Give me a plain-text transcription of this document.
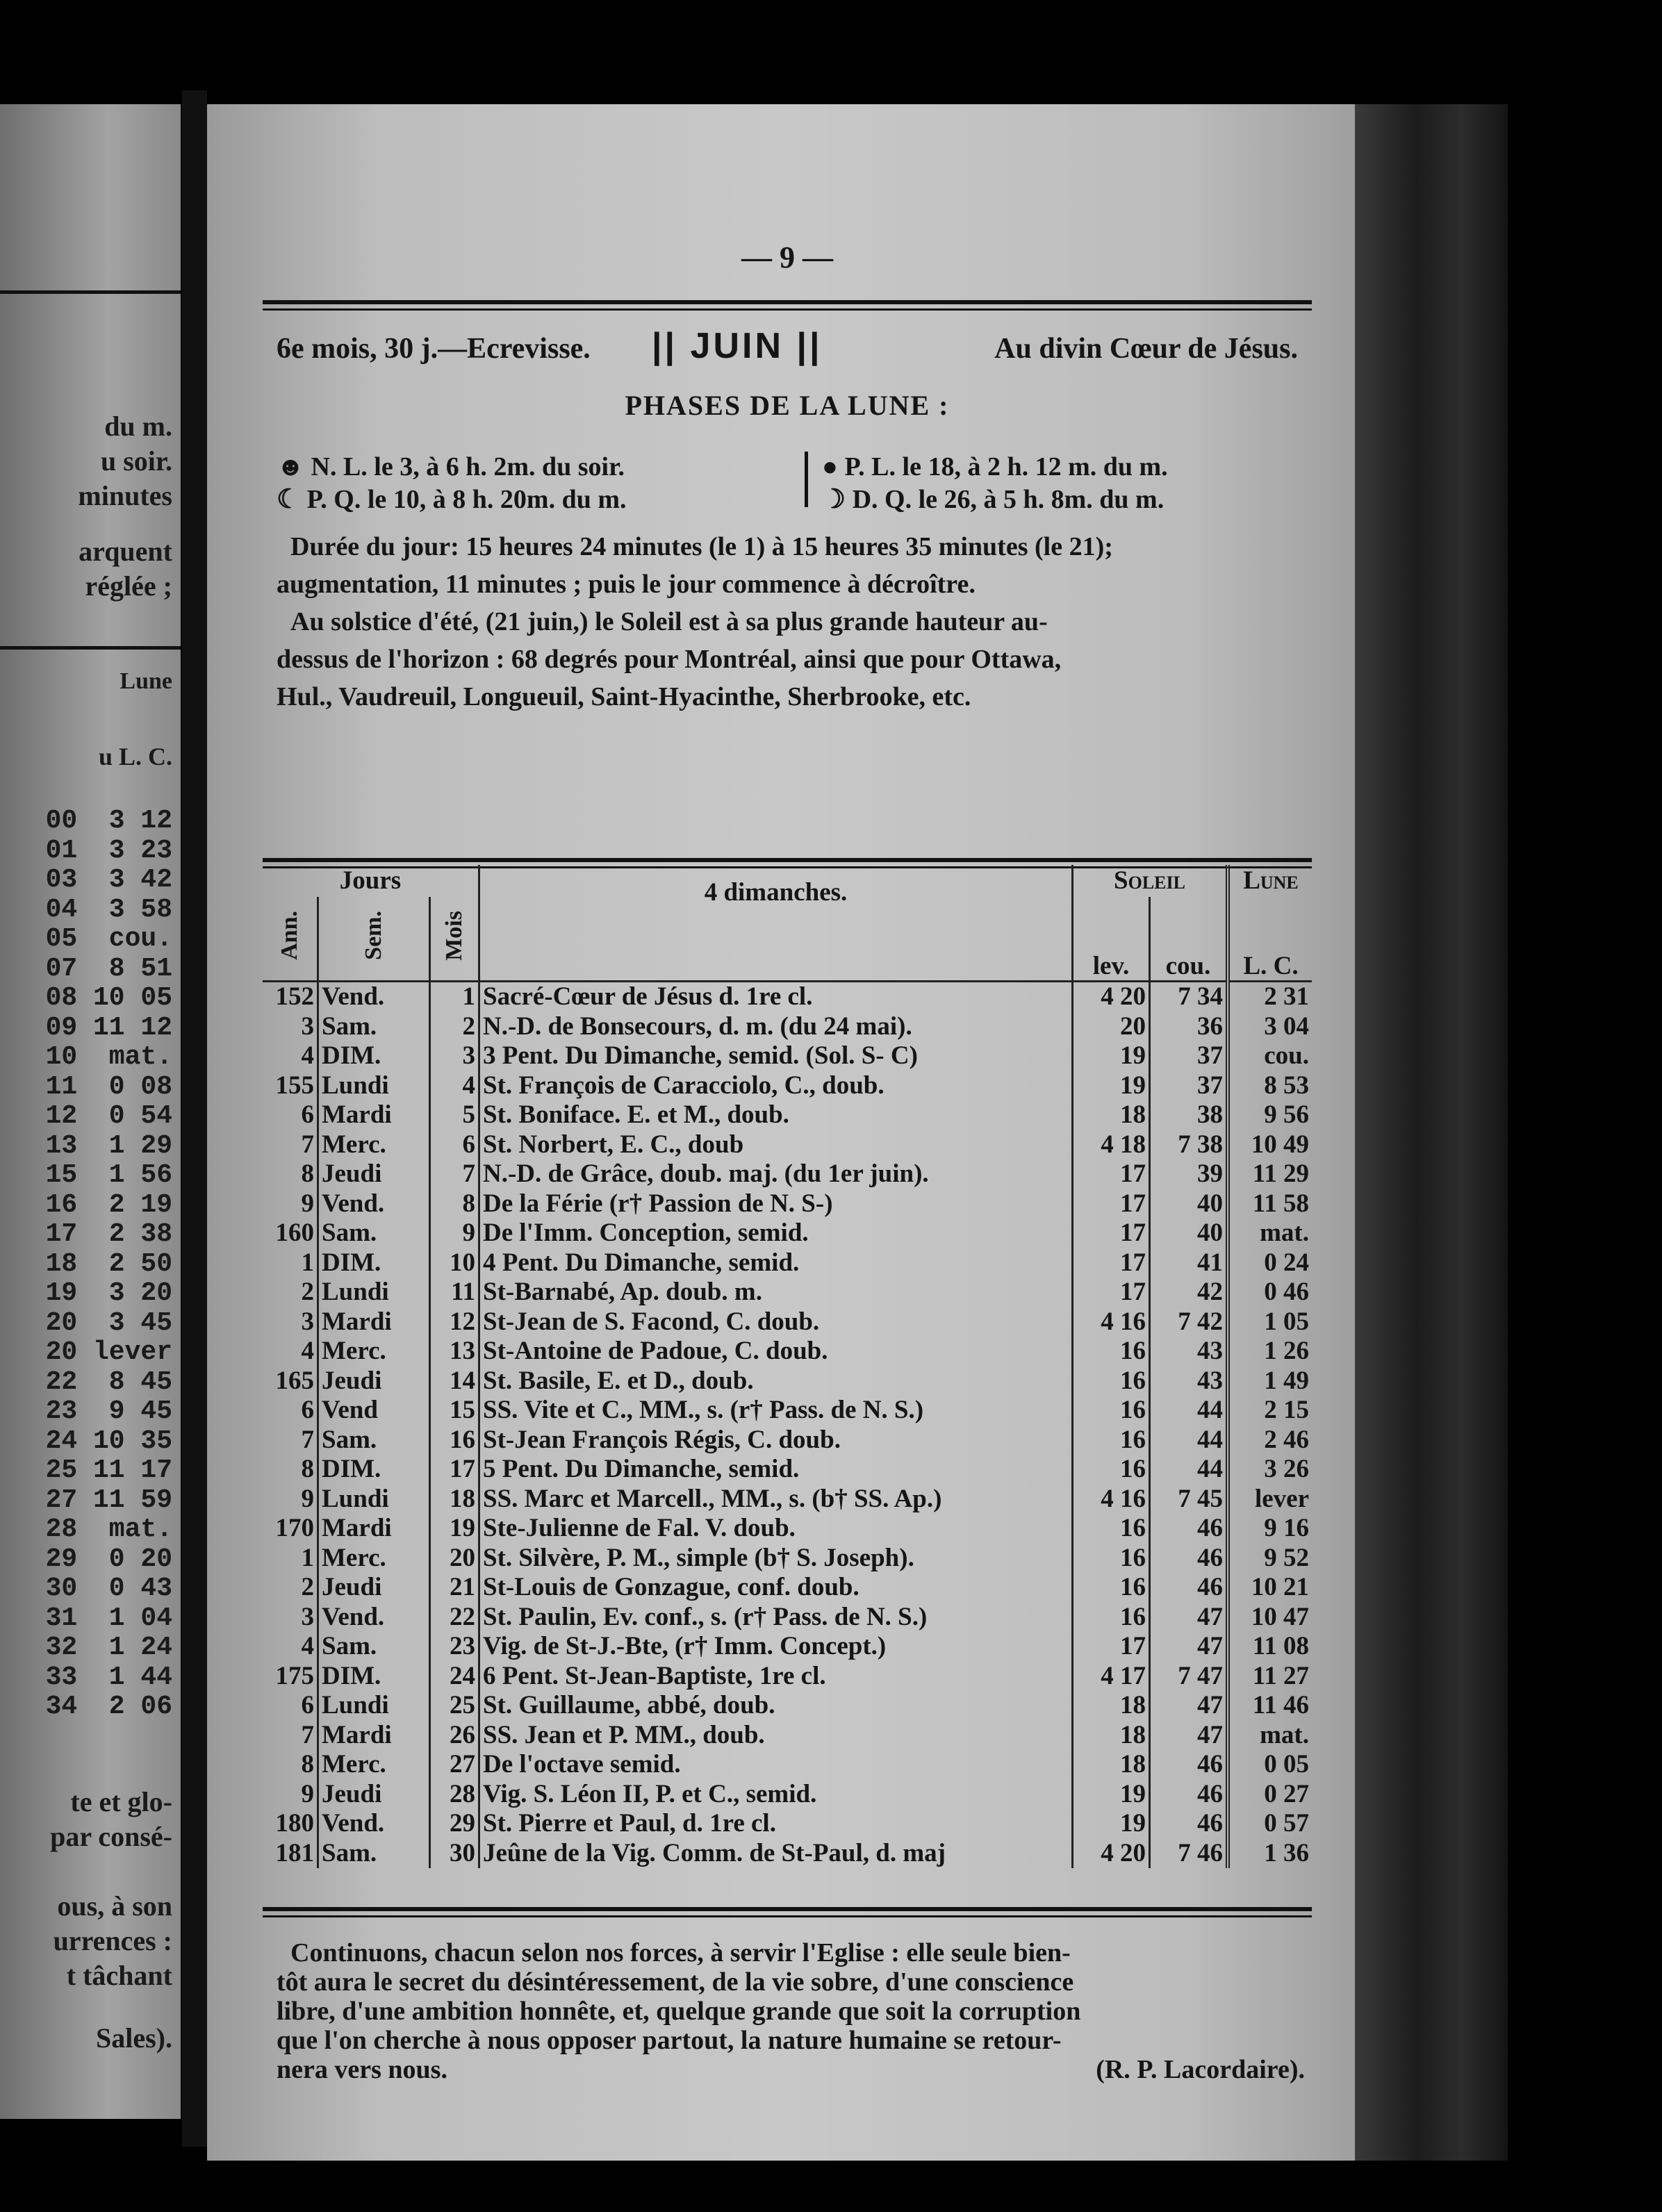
du m.
u soir.
minutes
arquent
réglée ;
Lune
u L. C.
00  3 12
01  3 23
03  3 42
04  3 58
05  cou.
07  8 51
08 10 05
09 11 12
10  mat.
11  0 08
12  0 54
13  1 29
15  1 56
16  2 19
17  2 38
18  2 50
19  3 20
20  3 45
20 lever
22  8 45
23  9 45
24 10 35
25 11 17
27 11 59
28  mat.
29  0 20
30  0 43
31  1 04
32  1 24
33  1 44
34  2 06
te et glo-
par consé-
ous, à son
urrences :
t tâchant
Sales).
— 9 —
6e mois, 30 j.—Ecrevisse. || JUIN ||	Au divin Cœur de Jésus.
PHASES DE LA LUNE :
☻ N. L. le 3, à 6 h. 2m. du soir.
☾ P. Q. le 10, à 8 h. 20m. du m.
● P. L. le 18, à 2 h. 12 m. du m.
☽ D. Q. le 26, à 5 h. 8m. du m.

Durée du jour: 15 heures 24 minutes (le 1) à 15 heures 35 minutes (le 21);

augmentation, 11 minutes ; puis le jour commence à décroître.

Au solstice d'été, (21 juin,) le Soleil est à sa plus grande hauteur au-

dessus de l'horizon : 68 degrés pour Montréal, ainsi que pour Ottawa,

Hul., Vaudreuil, Longueuil, Saint-Hyacinthe, Sherbrooke, etc.

Jours			4 dimanches.	Soleil		Lune
Ann.	Sem.	Mois		lev.	cou.	L. C.
152	Vend.	1	Sacré-Cœur de Jésus d. 1re cl.	4 20	7 34	2 31
3	Sam.	2	N.-D. de Bonsecours, d. m. (du 24 mai).	20	36	3 04
4	DIM.	3	3 Pent. Du Dimanche, semid. (Sol. S- C)	19	37	cou.
155	Lundi	4	St. François de Caracciolo, C., doub.	19	37	8 53
6	Mardi	5	St. Boniface. E. et M., doub.	18	38	9 56
7	Merc.	6	St. Norbert, E. C., doub	4 18	7 38	10 49
8	Jeudi	7	N.-D. de Grâce, doub. maj. (du 1er juin).	17	39	11 29
9	Vend.	8	De la Férie (r† Passion de N. S-)	17	40	11 58
160	Sam.	9	De l'Imm. Conception, semid.	17	40	mat.
1	DIM.	10	4 Pent. Du Dimanche, semid.	17	41	0 24
2	Lundi	11	St-Barnabé, Ap. doub. m.	17	42	0 46
3	Mardi	12	St-Jean de S. Facond, C. doub.	4 16	7 42	1 05
4	Merc.	13	St-Antoine de Padoue, C. doub.	16	43	1 26
165	Jeudi	14	St. Basile, E. et D., doub.	16	43	1 49
6	Vend	15	SS. Vite et C., MM., s. (r† Pass. de N. S.)	16	44	2 15
7	Sam.	16	St-Jean François Régis, C. doub.	16	44	2 46
8	DIM.	17	5 Pent. Du Dimanche, semid.	16	44	3 26
9	Lundi	18	SS. Marc et Marcell., MM., s. (b† SS. Ap.)	4 16	7 45	lever
170	Mardi	19	Ste-Julienne de Fal. V. doub.	16	46	9 16
1	Merc.	20	St. Silvère, P. M., simple (b† S. Joseph).	16	46	9 52
2	Jeudi	21	St-Louis de Gonzague, conf. doub.	16	46	10 21
3	Vend.	22	St. Paulin, Ev. conf., s. (r† Pass. de N. S.)	16	47	10 47
4	Sam.	23	Vig. de St-J.-Bte, (r† Imm. Concept.)	17	47	11 08
175	DIM.	24	6 Pent. St-Jean-Baptiste, 1re cl.	4 17	7 47	11 27
6	Lundi	25	St. Guillaume, abbé, doub.	18	47	11 46
7	Mardi	26	SS. Jean et P. MM., doub.	18	47	mat.
8	Merc.	27	De l'octave semid.	18	46	0 05
9	Jeudi	28	Vig. S. Léon II, P. et C., semid.	19	46	0 27
180	Vend.	29	St. Pierre et Paul, d. 1re cl.	19	46	0 57
181	Sam.	30	Jeûne de la Vig. Comm. de St-Paul, d. maj	4 20	7 46	1 36

Continuons, chacun selon nos forces, à servir l'Eglise : elle seule bien-

tôt aura le secret du désintéressement, de la vie sobre, d'une conscience

libre, d'une ambition honnête, et, quelque grande que soit la corruption

que l'on cherche à nous opposer partout, la nature humaine se retour-

nera vers nous.	(R. P. Lacordaire).
